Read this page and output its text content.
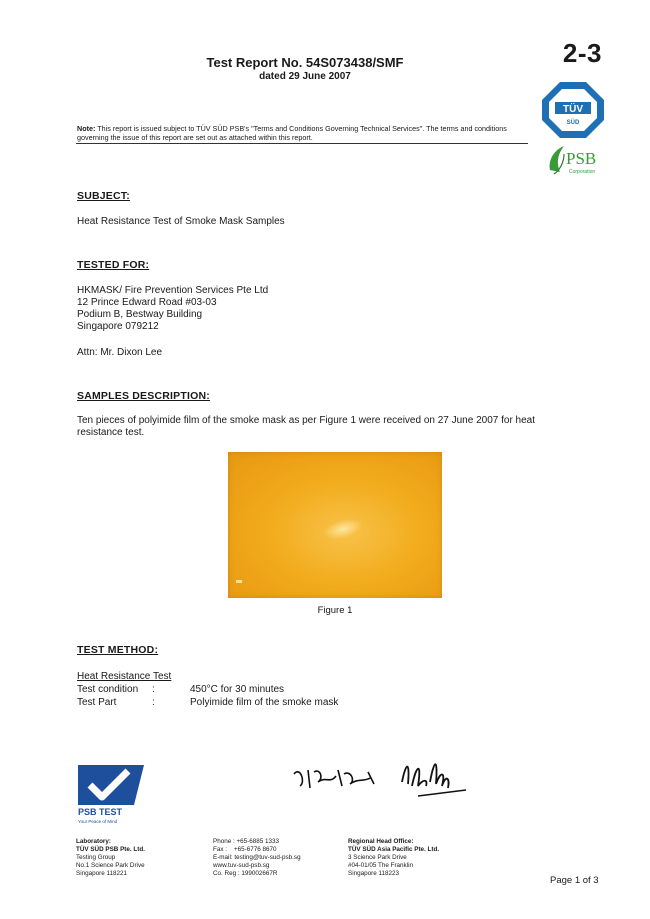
2-3
Test Report No. 54S073438/SMF
dated 29 June 2007
TÜV
SÜD
PSB
Corporation
Note: This report is issued subject to TÜV SÜD PSB's "Terms and Conditions Governing Technical Services". The terms and conditions governing the issue of this report are set out as attached within this report.
SUBJECT:
Heat Resistance Test of Smoke Mask Samples
TESTED FOR:
HKMASK/ Fire Prevention Services Pte Ltd
12 Prince Edward Road #03-03
Podium B, Bestway Building
Singapore 079212
Attn: Mr. Dixon Lee
SAMPLES DESCRIPTION:
Ten pieces of polyimide film of the smoke mask as per Figure 1 were received on 27 June 2007 for heat
resistance test.
Figure 1
TEST METHOD:
Heat Resistance Test
Test condition :	450°C for 30 minutes
Test Part	:	Polyimide film of the smoke mask
PSB TEST
Your Peace of Mind
Laboratory:
TÜV SÜD PSB Pte. Ltd.
Testing Group
No.1 Science Park Drive
Singapore 118221
Phone : +65-6885 1333
Fax :    +65-6776 8670
E-mail: testing@tuv-sud-psb.sg
www.tuv-sud-psb.sg
Co. Reg : 199002667R
Regional Head Office:
TÜV SÜD Asia Pacific Pte. Ltd.
3 Science Park Drive
#04-01/05 The Franklin
Singapore 118223
Page 1 of 3
